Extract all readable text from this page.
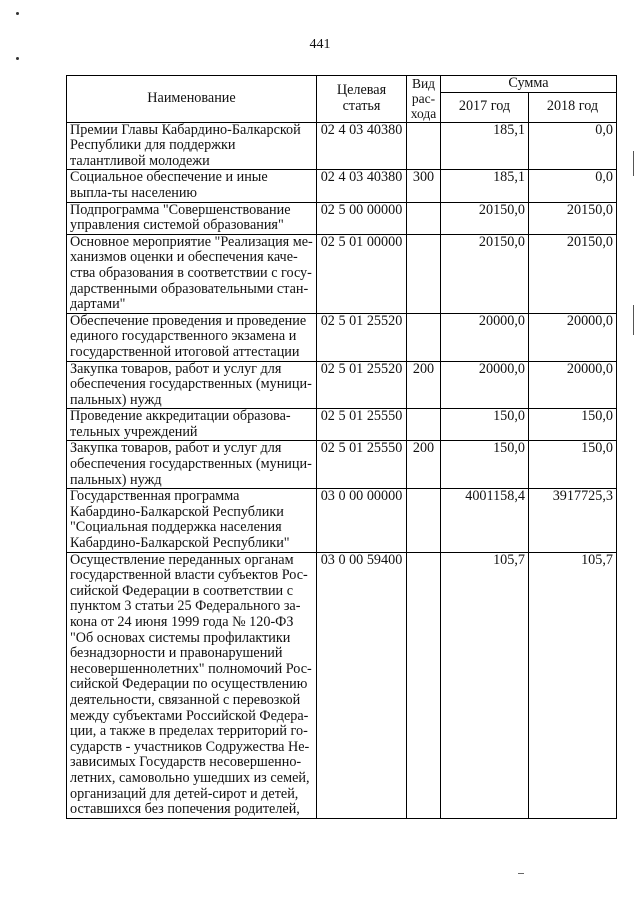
441
Наименование	Целевая статья	Вид рас-хода	Сумма	
			2017 год	2018 год
Премии Главы Кабардино-Балкарской Республики для поддержки талантливой молодежи	02 4 03 40380		185,1	0,0
Социальное обеспечение и иные выпла-ты населению	02 4 03 40380	300	185,1	0,0
Подпрограмма "Совершенствование управления системой образования"	02 5 00 00000		20150,0	20150,0
Основное мероприятие "Реализация ме-ханизмов оценки и обеспечения каче-ства образования в соответствии с госу-дарственными образовательными стан-дартами"	02 5 01 00000		20150,0	20150,0
Обеспечение проведения и проведение единого государственного экзамена и государственной итоговой аттестации	02 5 01 25520		20000,0	20000,0
Закупка товаров, работ и услуг для обеспечения государственных (муници-пальных) нужд	02 5 01 25520	200	20000,0	20000,0
Проведение аккредитации образова-тельных учреждений	02 5 01 25550		150,0	150,0
Закупка товаров, работ и услуг для обеспечения государственных (муници-пальных) нужд	02 5 01 25550	200	150,0	150,0
Государственная программа Кабардино-Балкарской Республики "Социальная поддержка населения Кабардино-Балкарской Республики"	03 0 00 00000		4001158,4	3917725,3
Осуществление переданных органам государственной власти субъектов Рос-сийской Федерации в соответствии с пунктом 3 статьи 25 Федерального за-кона от 24 июня 1999 года № 120-ФЗ "Об основах системы профилактики безнадзорности и правонарушений несовершеннолетних" полномочий Рос-сийской Федерации по осуществлению деятельности, связанной с перевозкой между субъектами Российской Федера-ции, а также в пределах территорий го-сударств - участников Содружества Не-зависимых Государств несовершенно-летних, самовольно ушедших из семей, организаций для детей-сирот и детей, оставшихся без попечения родителей,	03 0 00 59400		105,7	105,7
